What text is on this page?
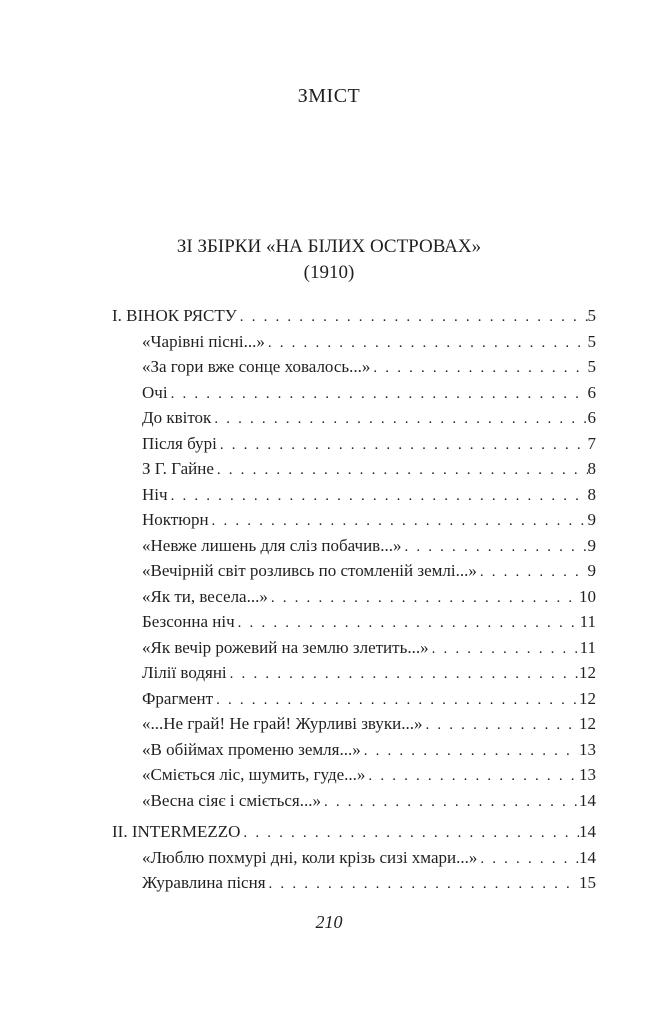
ЗМІСТ
ЗІ ЗБІРКИ «НА БІЛИХ ОСТРОВАХ»
(1910)
I. ВІНОК РЯСТУ . . .	5
«Чарівні пісні...» . . .	5
«За гори вже сонце ховалось...» . . .	5
Очі . . .	6
До квіток . . .	6
Після бурі . . .	7
З Г. Гайне . . .	8
Ніч . . .	8
Ноктюрн . . .	9
«Невже лишень для сліз побачив...» . . .	9
«Вечірній світ розливсь по стомленій землі...» . . .	9
«Як ти, весела...» . . .	10
Безсонна ніч . . .	11
«Як вечір рожевий на землю злетить...» . . .	11
Лілії водяні . . .	12
Фрагмент . . .	12
«...Не грай! Не грай! Журливі звуки...» . . .	12
«В обіймах променю земля...» . . .	13
«Сміється ліс, шумить, гуде...» . . .	13
«Весна сіяє і сміється...» . . .	14
II. INTERMEZZO . . .	14
«Люблю похмурі дні, коли крізь сизі хмари...» . . .	14
Журавлина пісня . . .	15
210
